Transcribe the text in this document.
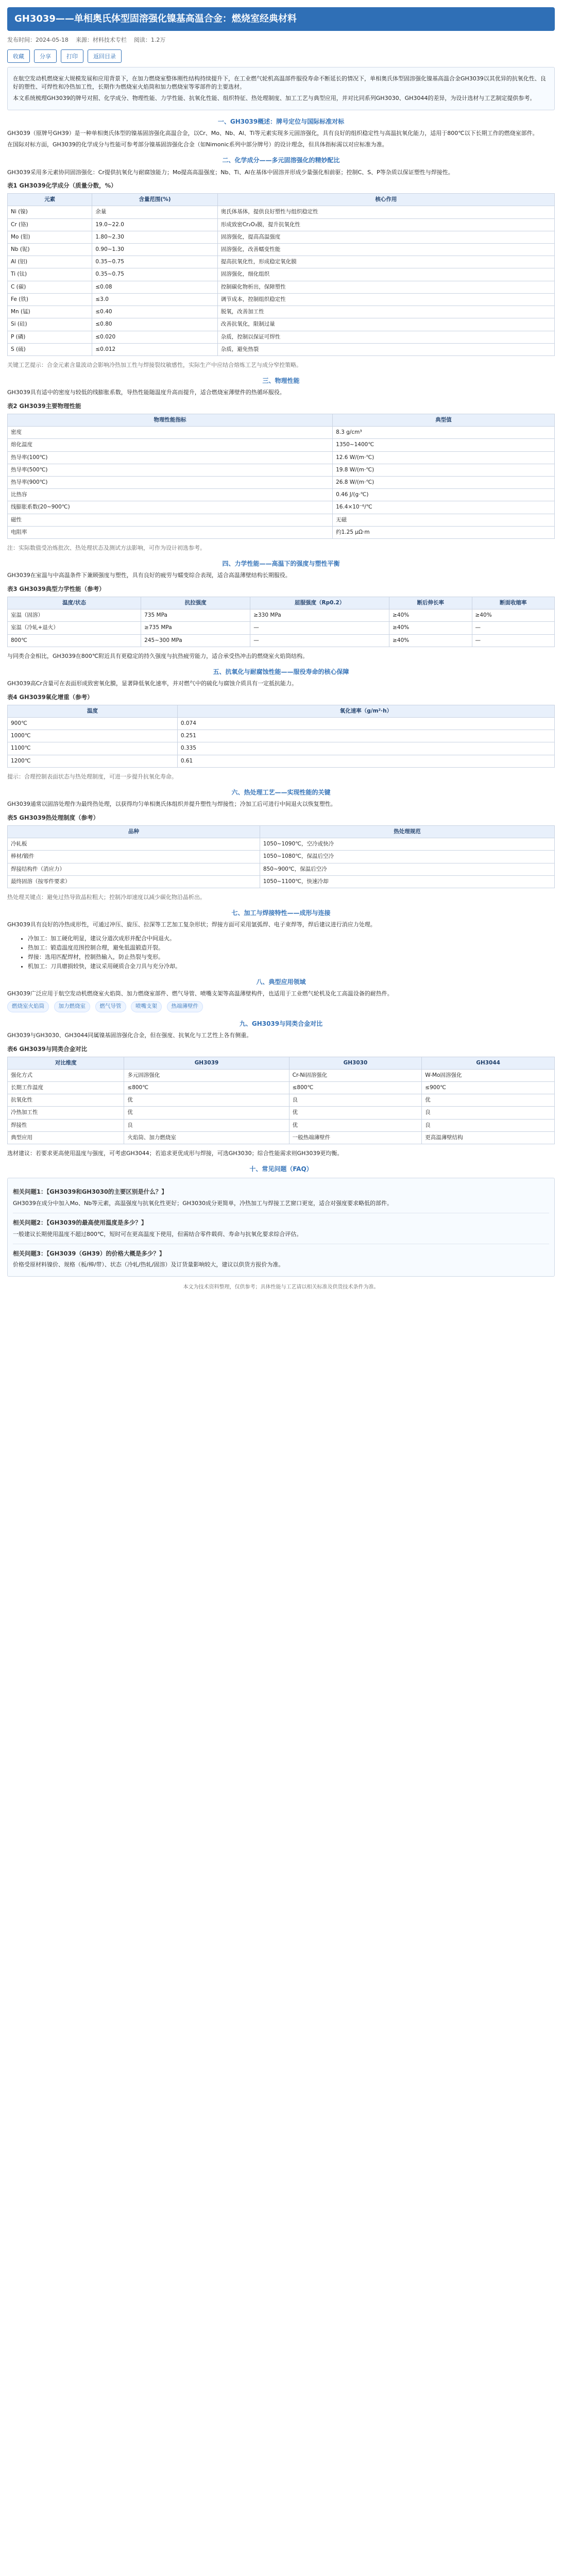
GH3039——单相奥氏体型固溶强化镍基高温合金：燃烧室经典材料
发布时间：2024-05-18 来源：材料技术专栏 阅读：1.2万
收藏	分享	打印	返回目录

在航空发动机燃烧室大规模发展和应用背景下，在加力燃烧室整体刚性结构持续提升下，在工业燃气轮机高温部件服役寿命不断延长的情况下，单相奥氏体型固溶强化镍基高温合金GH3039以其优异的抗氧化性、良好的塑性、可焊性和冷热加工性，长期作为燃烧室火焰筒和加力燃烧室等零部件的主要选材。

本文系统梳理GH3039的牌号对照、化学成分、物理性能、力学性能、抗氧化性能、组织特征、热处理制度、加工工艺与典型应用，并对比同系列GH3030、GH3044的差异，为设计选材与工艺制定提供参考。

一、GH3039概述：牌号定位与国际标准对标

GH3039（原牌号GH39）是一种单相奥氏体型的镍基固溶强化高温合金，以Cr、Mo、Nb、Al、Ti等元素实现多元固溶强化，具有良好的组织稳定性与高温抗氧化能力，适用于800℃以下长期工作的燃烧室部件。

在国际对标方面，GH3039的化学成分与性能可参考部分镍基固溶强化合金（如Nimonic系列中部分牌号）的设计理念，但具体指标需以对应标准为准。

二、化学成分——多元固溶强化的精妙配比

GH3039采用多元素协同固溶强化：Cr提供抗氧化与耐腐蚀能力；Mo提高高温强度；Nb、Ti、Al在基体中固溶并形成少量强化相前驱；控制C、S、P等杂质以保证塑性与焊接性。

表1 GH3039化学成分（质量分数，%）
元素	含量范围(%)	核心作用
Ni (镍)	余量	奥氏体基体，提供良好塑性与组织稳定性
Cr (铬)	19.0~22.0	形成致密Cr₂O₃膜，提升抗氧化性
Mo (钼)	1.80~2.30	固溶强化，提高高温强度
Nb (铌)	0.90~1.30	固溶强化，改善蠕变性能
Al (铝)	0.35~0.75	提高抗氧化性，形成稳定氧化膜
Ti (钛)	0.35~0.75	固溶强化，细化组织
C (碳)	≤0.08	控制碳化物析出，保障塑性
Fe (铁)	≤3.0	调节成本，控制组织稳定性
Mn (锰)	≤0.40	脱氧，改善加工性
Si (硅)	≤0.80	改善抗氧化，限制过量
P (磷)	≤0.020	杂质，控制以保证可焊性
S (硫)	≤0.012	杂质，避免热裂

关键工艺提示：合金元素含量波动会影响冷热加工性与焊接裂纹敏感性，实际生产中应结合熔炼工艺与成分窄控策略。

三、物理性能

GH3039具有适中的密度与较低的线膨胀系数，导热性能随温度升高而提升，适合燃烧室薄壁件的热循环服役。

表2 GH3039主要物理性能
物理性能指标	典型值
密度	8.3 g/cm³
熔化温度	1350~1400℃
热导率(100℃)	12.6 W/(m·℃)
热导率(500℃)	19.8 W/(m·℃)
热导率(900℃)	26.8 W/(m·℃)
比热容	0.46 J/(g·℃)
线膨胀系数(20~900℃)	16.4×10⁻⁶/℃
磁性	无磁
电阻率	约1.25 μΩ·m

注：实际数值受冶炼批次、热处理状态及测试方法影响，可作为设计初选参考。

四、力学性能——高温下的强度与塑性平衡

GH3039在室温与中高温条件下兼顾强度与塑性，具有良好的疲劳与蠕变综合表现，适合高温薄壁结构长期服役。

表3 GH3039典型力学性能（参考）
温度/状态	抗拉强度	屈服强度（Rp0.2）	断后伸长率	断面收缩率
室温（固溶）	735 MPa	≥330 MPa	≥40%	≥40%
室温（冷轧+退火）	≥735 MPa	—	≥40%	—
800℃	245~300 MPa	—	≥40%	—

与同类合金相比，GH3039在800℃附近具有更稳定的持久强度与抗热疲劳能力，适合承受热冲击的燃烧室火焰筒结构。

五、抗氧化与耐腐蚀性能——服役寿命的核心保障

GH3039高Cr含量可在表面形成致密氧化膜，显著降低氧化速率，并对燃气中的硫化与腐蚀介质具有一定抵抗能力。

表4 GH3039氧化增重（参考）
温度	氧化速率（g/m²·h）
900℃	0.074
1000℃	0.251
1100℃	0.335
1200℃	0.61

提示：合理控制表面状态与热处理制度，可进一步提升抗氧化寿命。

六、热处理工艺——实现性能的关键

GH3039通常以固溶处理作为最终热处理，以获得均匀单相奥氏体组织并提升塑性与焊接性；冷加工后可进行中间退火以恢复塑性。

表5 GH3039热处理制度（参考）
品种	热处理规范
冷轧板	1050~1090℃，空冷或快冷
棒材/锻件	1050~1080℃，保温后空冷
焊接结构件（消应力）	850~900℃，保温后空冷
最终固溶（按零件要求）	1050~1100℃，快速冷却

热处理关键点：避免过热导致晶粒粗大；控制冷却速度以减少碳化物沿晶析出。

七、加工与焊接特性——成形与连接

GH3039具有良好的冷热成形性，可通过冲压、旋压、拉深等工艺加工复杂形状；焊接方面可采用氩弧焊、电子束焊等，焊后建议进行消应力处理。

• 冷加工：加工硬化明显，建议分道次成形并配合中间退火。
• 热加工：锻造温度范围控制合理，避免低温锻造开裂。
• 焊接：选用匹配焊材，控制热输入，防止热裂与变形。
• 机加工：刀具磨损较快，建议采用硬质合金刀具与充分冷却。
八、典型应用领域

GH3039广泛应用于航空发动机燃烧室火焰筒、加力燃烧室部件、燃气导管、喷嘴支架等高温薄壁构件，也适用于工业燃气轮机及化工高温设备的耐热件。

燃烧室火焰筒	加力燃烧室	燃气导管	喷嘴支架	热端薄壁件
九、GH3039与同类合金对比

GH3039与GH3030、GH3044同属镍基固溶强化合金，但在强度、抗氧化与工艺性上各有侧重。

表6 GH3039与同类合金对比
对比维度	GH3039	GH3030	GH3044
强化方式	多元固溶强化	Cr-Ni固溶强化	W-Mo固溶强化
长期工作温度	≤800℃	≤800℃	≤900℃
抗氧化性	优	良	优
冷热加工性	优	优	良
焊接性	良	优	良
典型应用	火焰筒、加力燃烧室	一般热端薄壁件	更高温薄壁结构

选材建议：若要求更高使用温度与强度，可考虑GH3044；若追求更优成形与焊接，可选GH3030；综合性能需求则GH3039更均衡。

十、常见问题（FAQ）
相关问题1：【GH3039和GH3030的主要区别是什么？】

GH3039在成分中加入Mo、Nb等元素，高温强度与抗氧化性更好；GH3030成分更简单，冷热加工与焊接工艺窗口更宽，适合对强度要求略低的部件。

相关问题2：【GH3039的最高使用温度是多少？】

一般建议长期使用温度不超过800℃，短时可在更高温度下使用，但需结合零件载荷、寿命与抗氧化要求综合评估。

相关问题3：【GH3039（GH39）的价格大概是多少？】

价格受原材料镍价、规格（板/棒/带）、状态（冷轧/热轧/固溶）及订货量影响较大，建议以供货方报价为准。

本文为技术资料整理，仅供参考；具体性能与工艺请以相关标准及供货技术条件为准。
